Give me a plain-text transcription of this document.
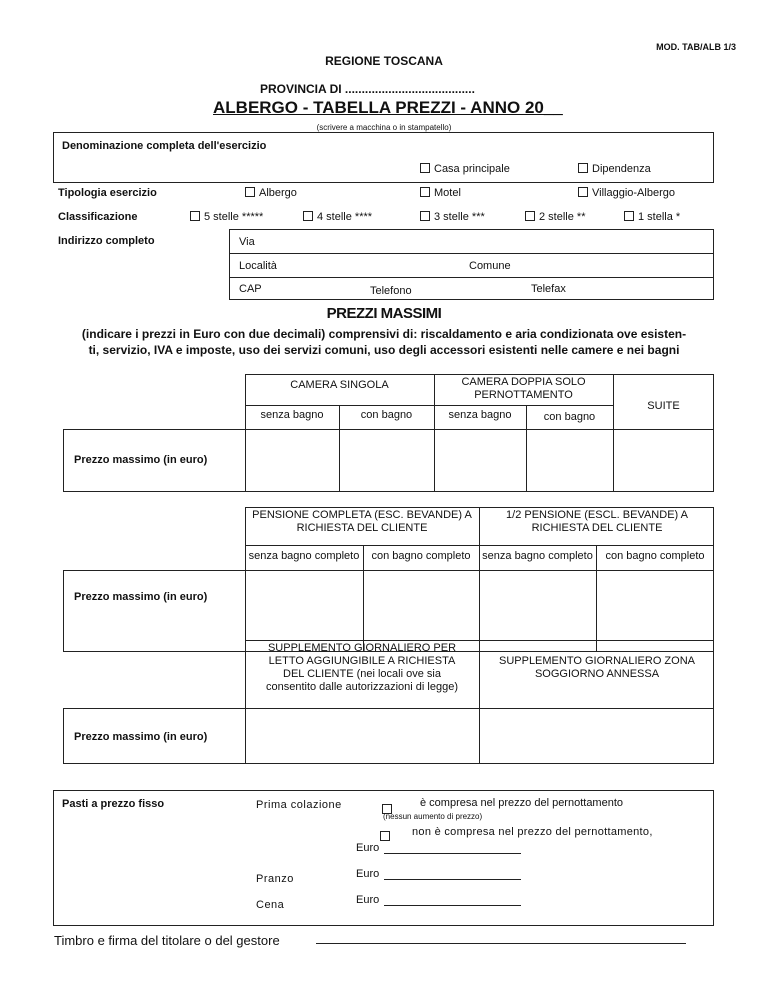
MOD. TAB/ALB 1/3
REGIONE TOSCANA
PROVINCIA DI .......................................
ALBERGO - TABELLA PREZZI - ANNO 20__
(scrivere a macchina o in stampatello)
Denominazione completa dell'esercizio
Casa principale	Dipendenza
Tipologia esercizio	Albergo	Motel	Villaggio-Albergo
Classificazione	5 stelle *****	4 stelle ****	3 stelle ***	2 stelle **	1 stella *
Indirizzo completo	Via
Località	Comune
CAP	Telefono	Telefax
PREZZI MASSIMI
(indicare i prezzi in Euro con due decimali) comprensivi di: riscaldamento e aria condizionata ove esisten-
ti, servizio, IVA e imposte, uso dei servizi comuni, uso degli accessori esistenti nelle camere e nei bagni
CAMERA SINGOLA	CAMERA DOPPIA SOLO PERNOTTAMENTO
SUITE
senza bagno	con bagno	senza bagno	con bagno
Prezzo massimo (in euro)
PENSIONE COMPLETA (ESC. BEVANDE) A RICHIESTA DEL CLIENTE
1/2 PENSIONE (ESCL. BEVANDE) A RICHIESTA DEL CLIENTE
senza bagno completo	con bagno completo	senza bagno completo	con bagno completo
Prezzo massimo (in euro)
SUPPLEMENTO GIORNALIERO PER LETTO AGGIUNGIBILE A RICHIESTA DEL CLIENTE (nei locali ove sia consentito dalle autorizzazioni di legge)
SUPPLEMENTO GIORNALIERO ZONA SOGGIORNO ANNESSA
Prezzo massimo (in euro)
Pasti a prezzo fisso	Prima colazione	è compresa nel prezzo del pernottamento
(nessun aumento di prezzo)
non è compresa nel prezzo del pernottamento,
Euro
Pranzo	Euro
Cena	Euro
Timbro e firma del titolare o del gestore
